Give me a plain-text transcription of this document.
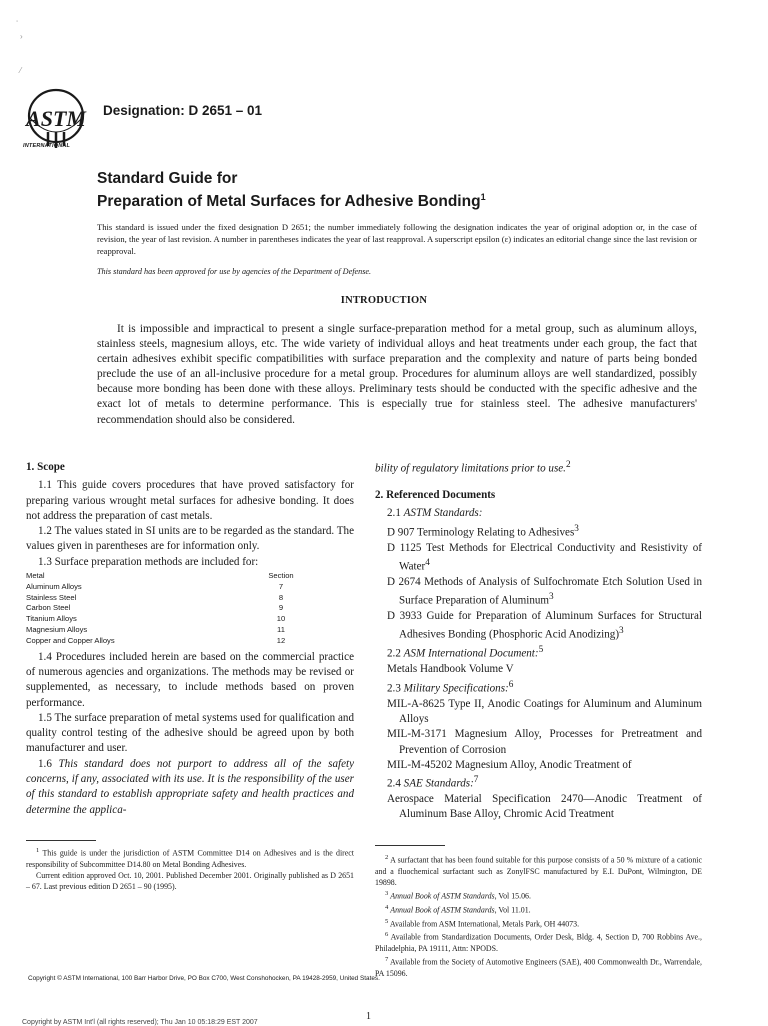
⸱
›
⁄
ASTM
INTERNATIONAL
Designation: D 2651 – 01
Standard Guide for
Preparation of Metal Surfaces for Adhesive Bonding$^1$
This standard is issued under the fixed designation D 2651; the number immediately following the designation indicates the year of original adoption or, in the case of revision, the year of last revision. A number in parentheses indicates the year of last reapproval. A superscript epsilon (ε) indicates an editorial change since the last revision or reapproval.
This standard has been approved for use by agencies of the Department of Defense.
INTRODUCTION
It is impossible and impractical to present a single surface-preparation method for a metal group, such as aluminum alloys, stainless steels, magnesium alloys, etc. The wide variety of individual alloys and heat treatments under each group, the fact that certain adhesives exhibit specific compatibilities with surface preparation and the complexity and nature of parts being bonded preclude the use of an all-inclusive procedure for a metal group. Procedures for aluminum alloys are well standardized, possibly because more bonding has been done with these alloys. Preliminary tests should be conducted with the specific adhesive and the exact lot of metals to determine performance. This is especially true for stainless steel. The adhesive manufacturers' recommendation should also be considered.

1. Scope

1.1 This guide covers procedures that have proved satisfactory for preparing various wrought metal surfaces for adhesive bonding. It does not address the preparation of cast metals.

1.2 The values stated in SI units are to be regarded as the standard. The values given in parentheses are for information only.

1.3 Surface preparation methods are included for:

Metal	Section
Aluminum Alloys	7
Stainless Steel	8
Carbon Steel	9
Titanium Alloys	10
Magnesium Alloys	11
Copper and Copper Alloys	12

1.4 Procedures included herein are based on the commercial practice of numerous agencies and organizations. The methods may be revised or supplemented, as necessary, to include methods based on proven performance.

1.5 The surface preparation of metal systems used for qualification and quality control testing of the adhesive should be agreed upon by both manufacturer and user.

1.6 This standard does not purport to address all of the safety concerns, if any, associated with its use. It is the responsibility of the user of this standard to establish appropriate safety and health practices and determine the applica-

$^1$ This guide is under the jurisdiction of ASTM Committee D14 on Adhesives and is the direct responsibility of Subcommittee D14.80 on Metal Bonding Adhesives.

Current edition approved Oct. 10, 2001. Published December 2001. Originally published as D 2651 – 67. Last previous edition D 2651 – 90 (1995).

bility of regulatory limitations prior to use.$^2$

2. Referenced Documents

2.1 ASTM Standards:

D 907 Terminology Relating to Adhesives$^3$

D 1125 Test Methods for Electrical Conductivity and Resistivity of Water$^4$

D 2674 Methods of Analysis of Sulfochromate Etch Solution Used in Surface Preparation of Aluminum$^3$

D 3933 Guide for Preparation of Aluminum Surfaces for Structural Adhesives Bonding (Phosphoric Acid Anodizing)$^3$

2.2 ASM International Document:$^5$

Metals Handbook Volume V

2.3 Military Specifications:$^6$

MIL-A-8625 Type II, Anodic Coatings for Aluminum and Aluminum Alloys

MIL-M-3171 Magnesium Alloy, Processes for Pretreatment and Prevention of Corrosion

MIL-M-45202 Magnesium Alloy, Anodic Treatment of

2.4 SAE Standards:$^7$

Aerospace Material Specification 2470—Anodic Treatment of Aluminum Base Alloy, Chromic Acid Treatment

$^2$ A surfactant that has been found suitable for this purpose consists of a 50 % mixture of a cationic and a fluochemical surfactant such as ZonylFSC manufactured by E.I. DuPont, Wilmington, DE 19898.

$^3$ Annual Book of ASTM Standards, Vol 15.06.

$^4$ Annual Book of ASTM Standards, Vol 11.01.

$^5$ Available from ASM International, Metals Park, OH 44073.

$^6$ Available from Standardization Documents, Order Desk, Bldg. 4, Section D, 700 Robbins Ave., Philadelphia, PA 19111, Attn: NPODS.

$^7$ Available from the Society of Automotive Engineers (SAE), 400 Commonwealth Dr., Warrendale, PA 15096.

Copyright © ASTM International, 100 Barr Harbor Drive, PO Box C700, West Conshohocken, PA 19428-2959, United States.
1
Copyright by ASTM Int'l (all rights reserved); Thu Jan 10 05:18:29 EST 2007
